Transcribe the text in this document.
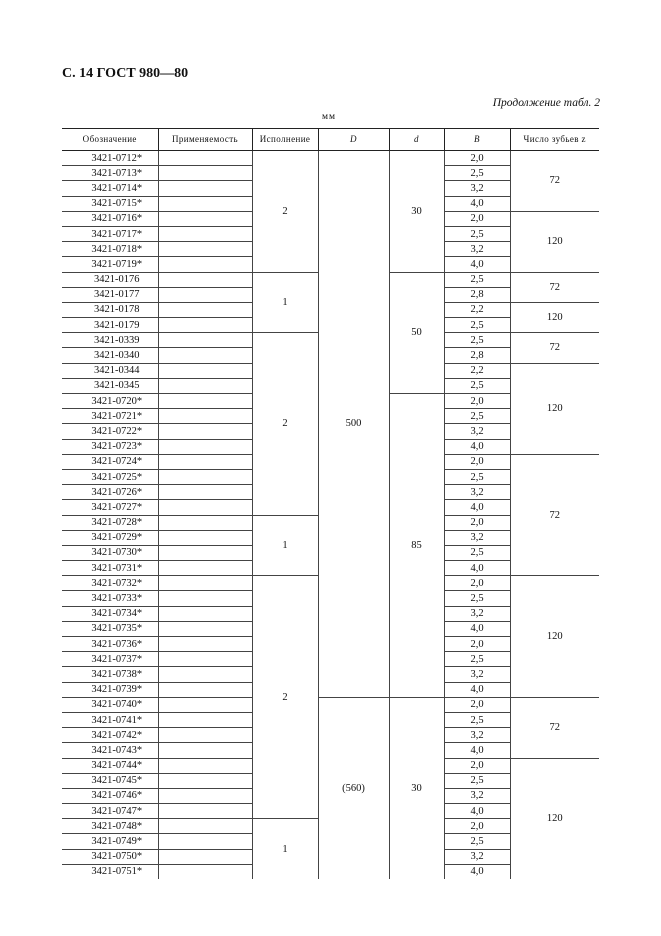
С. 14 ГОСТ 980—80
Продолжение табл. 2
мм
Обозначение	Применяемость	Исполнение	D	d	B	Число зубьев z
3421-0712*		2	500	30	2,0	72
3421-0713*					2,5	
3421-0714*					3,2	
3421-0715*					4,0	
3421-0716*					2,0	120
3421-0717*					2,5	
3421-0718*					3,2	
3421-0719*					4,0	
3421-0176		1		50	2,5	72
3421-0177					2,8	
3421-0178					2,2	120
3421-0179					2,5	
3421-0339		2			2,5	72
3421-0340					2,8	
3421-0344					2,2	120
3421-0345					2,5	
3421-0720*				85	2,0	
3421-0721*					2,5	
3421-0722*					3,2	
3421-0723*					4,0	
3421-0724*					2,0	72
3421-0725*					2,5	
3421-0726*					3,2	
3421-0727*					4,0	
3421-0728*		1			2,0	
3421-0729*					3,2	
3421-0730*					2,5	
3421-0731*					4,0	
3421-0732*		2			2,0	120
3421-0733*					2,5	
3421-0734*					3,2	
3421-0735*					4,0	
3421-0736*					2,0	
3421-0737*					2,5	
3421-0738*					3,2	
3421-0739*					4,0	
3421-0740*			(560)	30	2,0	72
3421-0741*					2,5	
3421-0742*					3,2	
3421-0743*					4,0	
3421-0744*					2,0	120
3421-0745*					2,5	
3421-0746*					3,2	
3421-0747*					4,0	
3421-0748*		1			2,0	
3421-0749*					2,5	
3421-0750*					3,2	
3421-0751*					4,0	
